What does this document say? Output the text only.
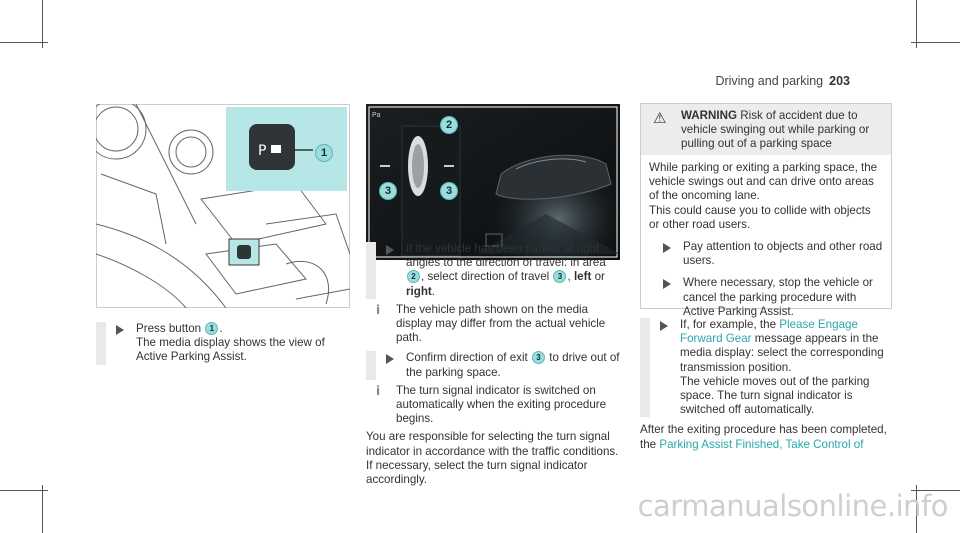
Driving and parking 203
P	1
Pa
2
3	3
Press button 1 .
The media display shows the view of Active Parking Assist.
If the vehicle has been parked at right angles to the direction of travel: in area 2 , select direction of travel 3 , left or right.
i The vehicle path shown on the media display may differ from the actual vehicle path.
Confirm direction of exit 3 to drive out of the parking space.
i The turn signal indicator is switched on automatically when the exiting procedure begins.
You are responsible for selecting the turn signal indicator in accordance with the traffic conditions. If necessary, select the turn signal indicator accordingly.
⚠ WARNING Risk of accident due to vehicle swinging out while parking or pulling out of a parking space
While parking or exiting a parking space, the vehicle swings out and can drive onto areas of the oncoming lane.
This could cause you to collide with objects or other road users.
Pay attention to objects and other road users.
Where necessary, stop the vehicle or cancel the parking procedure with Active Parking Assist.
If, for example, the Please Engage Forward Gear message appears in the media display: select the corresponding transmission position.
The vehicle moves out of the parking space. The turn signal indicator is switched off automatically.
After the exiting procedure has been completed, the Parking Assist Finished, Take Control of
carmanualsonline.info
